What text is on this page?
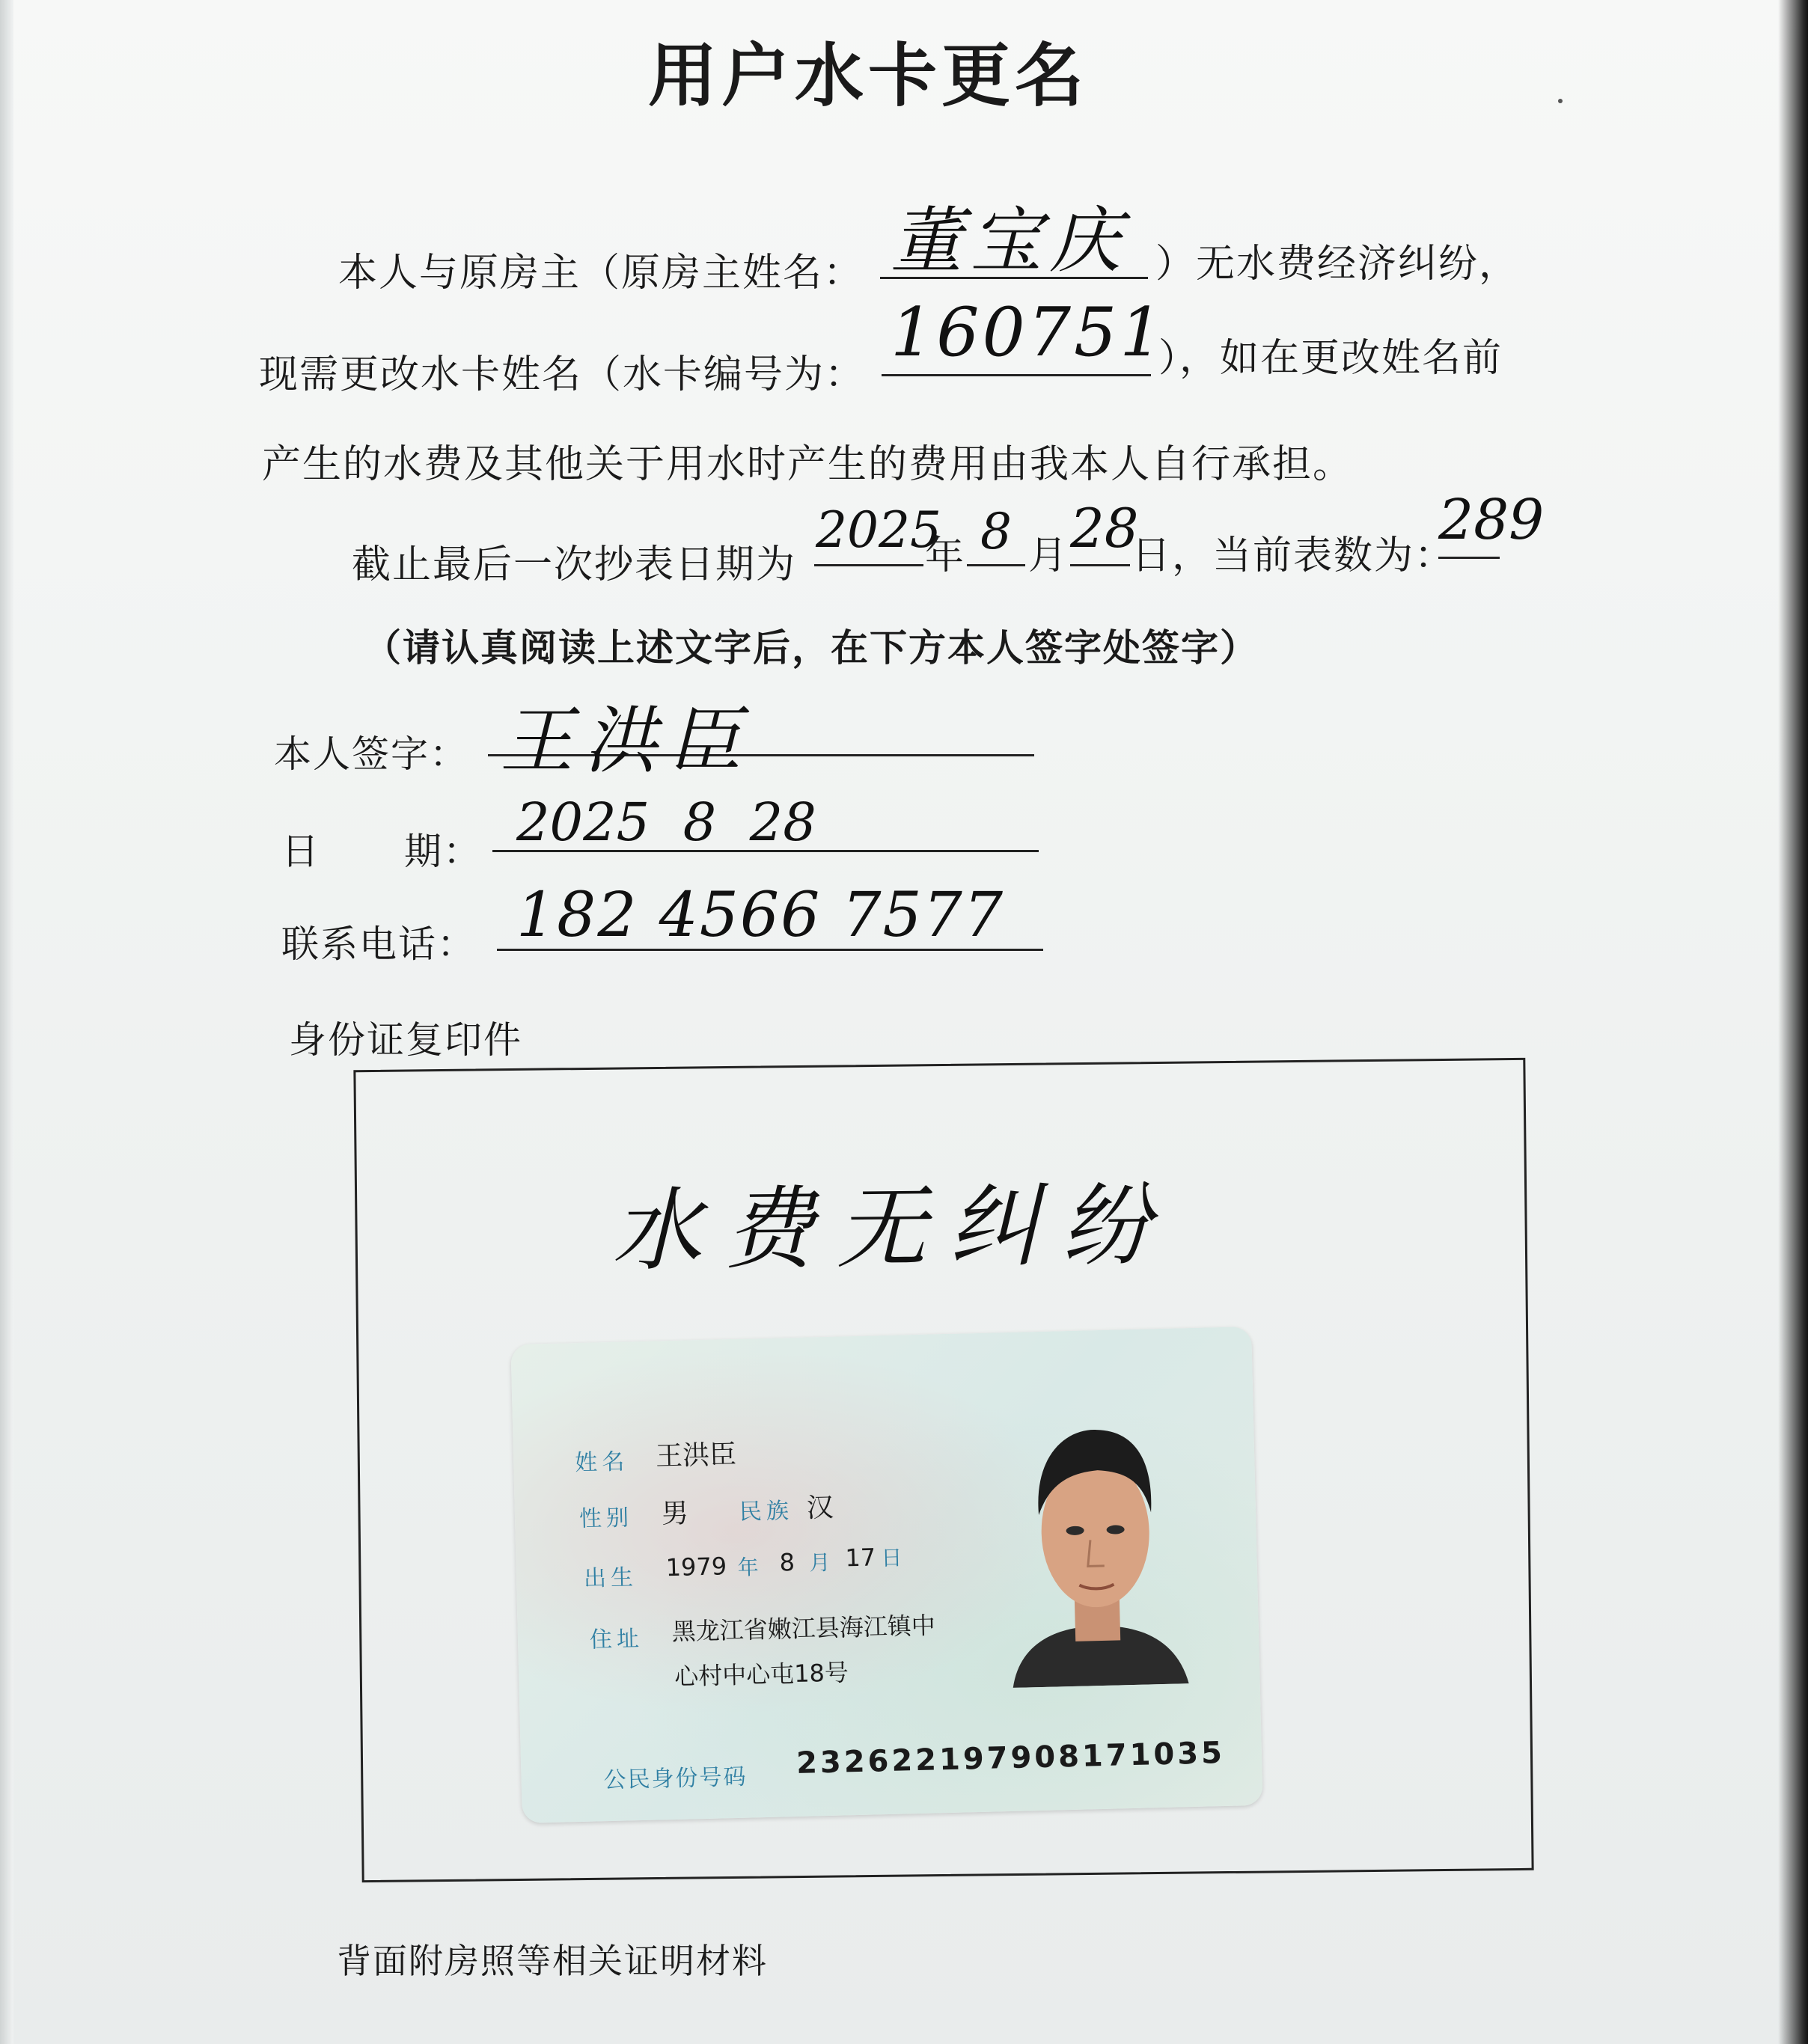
用户水卡更名
本人与原房主（原房主姓名： 董宝庆 ）无水费经济纠纷，
现需更改水卡姓名（水卡编号为：
160751
），如在更改姓名前
产生的水费及其他关于用水时产生的费用由我本人自行承担。
截止最后一次抄表日期为
2025
年 8 月 28
日，当前表数为：
289
（请认真阅读上述文字后，在下方本人签字处签字）
本人签字： 王洪臣
日 期： 2025  8  28
联系电话： 182 4566 7577
身份证复印件
水费无纠纷
姓名 王洪臣
性别 男 民族 汉
出生 1979 年 8 月 17 日
住址 黑龙江省嫩江县海江镇中
心村中心屯18号
公民身份号码 232622197908171035
背面附房照等相关证明材料
